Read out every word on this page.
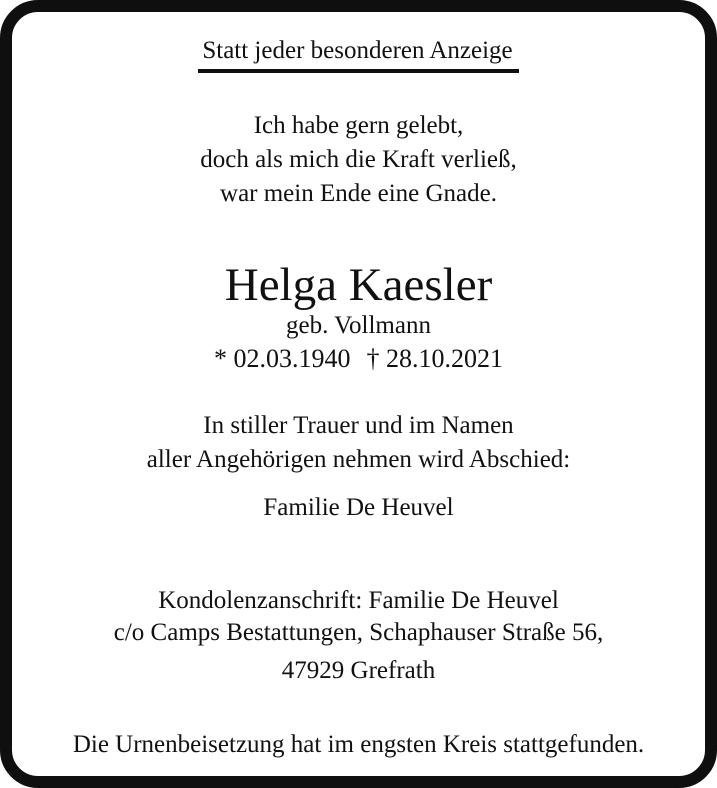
Statt jeder besonderen Anzeige
Ich habe gern gelebt,
doch als mich die Kraft verließ,
war mein Ende eine Gnade.
Helga Kaesler
geb. Vollmann
* 02.03.1940 † 28.10.2021
In stiller Trauer und im Namen
aller Angehörigen nehmen wird Abschied:
Familie De Heuvel
Kondolenzanschrift: Familie De Heuvel
c/o Camps Bestattungen, Schaphauser Straße 56,
47929 Grefrath
Die Urnenbeisetzung hat im engsten Kreis stattgefunden.
